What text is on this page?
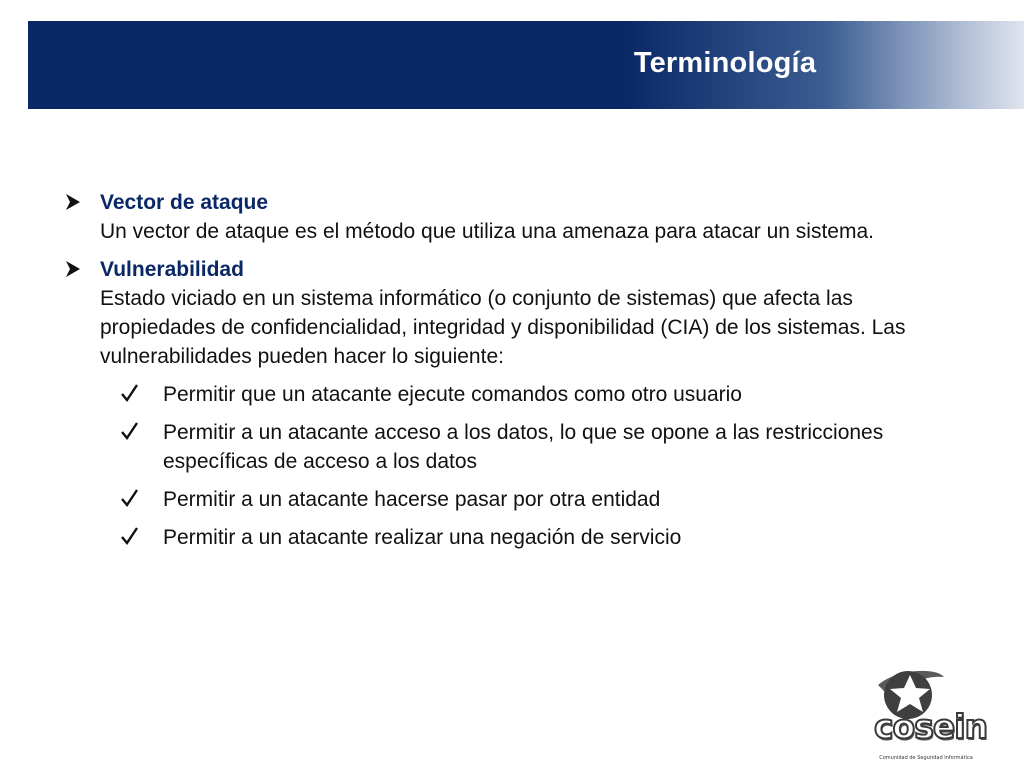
Terminología
Vector de ataque
Un vector de ataque es el método que utiliza una amenaza para atacar un sistema.
Vulnerabilidad
Estado viciado en un sistema informático (o conjunto de sistemas) que afecta las propiedades de confidencialidad, integridad y disponibilidad (CIA) de los sistemas. Las vulnerabilidades pueden hacer lo siguiente:
Permitir que un atacante ejecute comandos como otro usuario
Permitir a un atacante acceso a los datos, lo que se opone a las restricciones específicas de acceso a los datos
Permitir a un atacante hacerse pasar por otra entidad
Permitir a un atacante realizar una negación de servicio
Comunidad de Seguridad Informática
cosein
